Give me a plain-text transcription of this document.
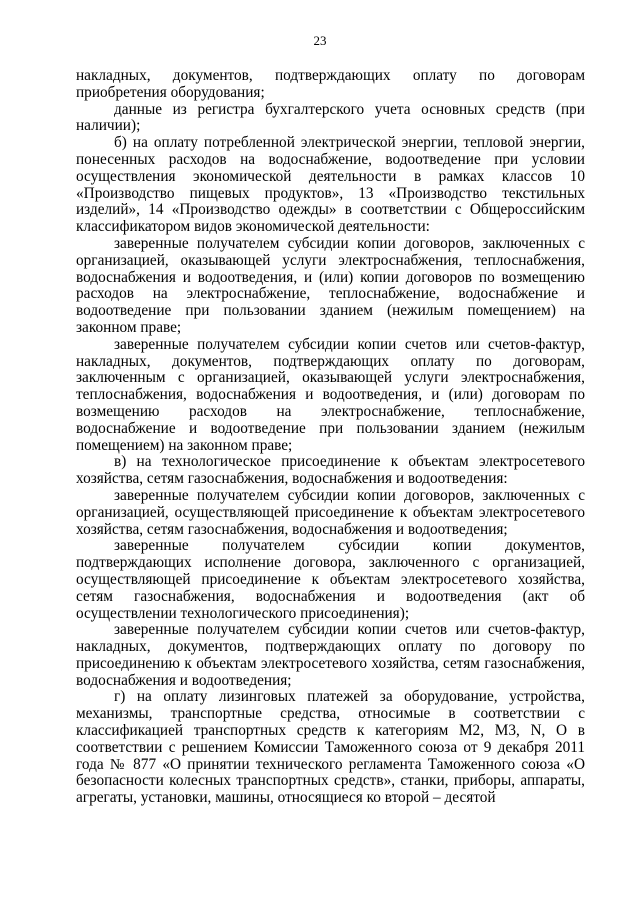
23

накладных, документов, подтверждающих оплату по договорам приобретения оборудования;

данные из регистра бухгалтерского учета основных средств (при наличии);

б) на оплату потребленной электрической энергии, тепловой энергии, понесенных расходов на водоснабжение, водоотведение при условии осуществления экономической деятельности в рамках классов 10 «Производство пищевых продуктов», 13 «Производство текстильных изделий», 14 «Производство одежды» в соответствии с Общероссийским классификатором видов экономической деятельности:

заверенные получателем субсидии копии договоров, заключенных с организацией, оказывающей услуги электроснабжения, теплоснабжения, водоснабжения и водоотведения, и (или) копии договоров по возмещению расходов на электроснабжение, теплоснабжение, водоснабжение и водоотведение при пользовании зданием (нежилым помещением) на законном праве;

заверенные получателем субсидии копии счетов или счетов-фактур, накладных, документов, подтверждающих оплату по договорам, заключенным с организацией, оказывающей услуги электроснабжения, теплоснабжения, водоснабжения и водоотведения, и (или) договорам по возмещению расходов на электроснабжение, теплоснабжение, водоснабжение и водоотведение при пользовании зданием (нежилым помещением) на законном праве;

в) на технологическое присоединение к объектам электросетевого хозяйства, сетям газоснабжения, водоснабжения и водоотведения:

заверенные получателем субсидии копии договоров, заключенных с организацией, осуществляющей присоединение к объектам электросетевого хозяйства, сетям газоснабжения, водоснабжения и водоотведения;

заверенные получателем субсидии копии документов, подтверждающих исполнение договора, заключенного с организацией, осуществляющей присоединение к объектам электросетевого хозяйства, сетям газоснабжения, водоснабжения и водоотведения (акт об осуществлении технологического присоединения);

заверенные получателем субсидии копии счетов или счетов-фактур, накладных, документов, подтверждающих оплату по договору по присоединению к объектам электросетевого хозяйства, сетям газоснабжения, водоснабжения и водоотведения;

г) на оплату лизинговых платежей за оборудование, устройства, механизмы, транспортные средства, относимые в соответствии с классификацией транспортных средств к категориям М2, М3, N, О в соответствии с решением Комиссии Таможенного союза от 9 декабря 2011 года № 877 «О принятии технического регламента Таможенного союза «О безопасности колесных транспортных средств», станки, приборы, аппараты, агрегаты, установки, машины, относящиеся ко второй – десятой
